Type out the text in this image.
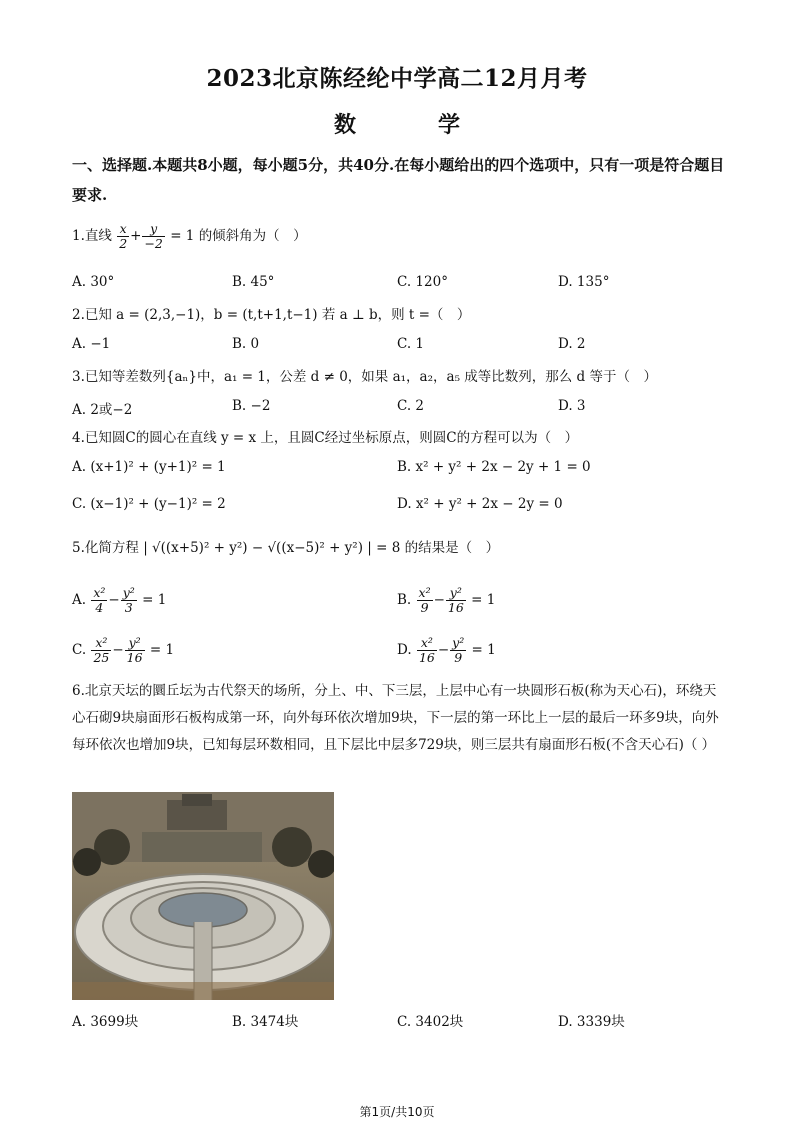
2023北京陈经纶中学高二12月月考
数　学
一、选择题.本题共8小题，每小题5分，共40分.在每小题给出的四个选项中，只有一项是符合题目要求.
1.直线 $\frac{x}{2} + \frac{y}{-2} = 1$ 的倾斜角为（　）
A. 30°	B. 45°	C. 120°	D. 135°
2.已知 a = (2,3,−1)，b = (t,t+1,t−1) 若 a ⊥ b，则 t =（　）
A. −1	B. 0	C. 1	D. 2
3.已知等差数列{aₙ}中，a₁ = 1，公差 d ≠ 0，如果 a₁，a₂，a₅ 成等比数列，那么 d 等于（　）
A. 2或−2	B. −2	C. 2	D. 3
4.已知圆C的圆心在直线 y = x 上，且圆C经过坐标原点，则圆C的方程可以为（　）
A. (x+1)² + (y+1)² = 1	B. x² + y² + 2x − 2y + 1 = 0
C. (x−1)² + (y−1)² = 2	D. x² + y² + 2x − 2y = 0
5.化简方程 | √((x+5)² + y²) − √((x−5)² + y²) | = 8 的结果是（　）
A. $\frac{\text{x²}}{4} - \frac{\text{y²}}{3} = 1$	B. $\frac{\text{x²}}{9} - \frac{\text{y²}}{16} = 1$
C. $\frac{\text{x²}}{25} - \frac{\text{y²}}{16} = 1$	D. $\frac{\text{x²}}{16} - \frac{\text{y²}}{9} = 1$
6.北京天坛的圜丘坛为古代祭天的场所，分上、中、下三层，上层中心有一块圆形石板(称为天心石)，环绕天心石砌9块扇面形石板构成第一环，向外每环依次增加9块，下一层的第一环比上一层的最后一环多9块，向外每环依次也增加9块，已知每层环数相同，且下层比中层多729块，则三层共有扇面形石板(不含天心石)（ ）
A. 3699块	B. 3474块	C. 3402块	D. 3339块
第1页/共10页
